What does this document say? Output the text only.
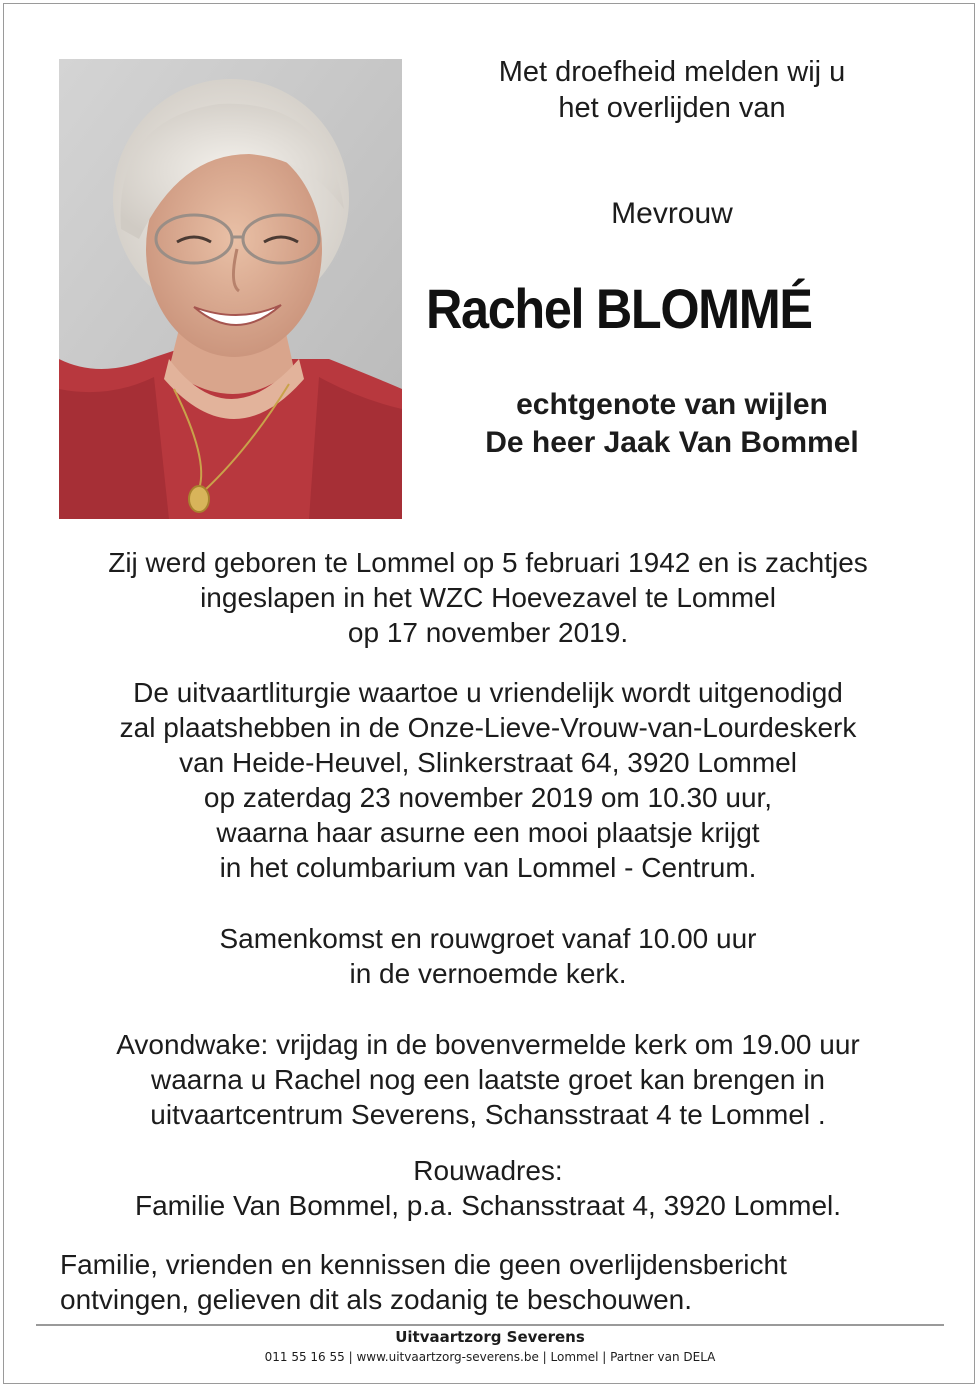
Met droefheid melden wij u
het overlijden van
Mevrouw
Rachel BLOMMÉ
echtgenote van wijlen
De heer Jaak Van Bommel
Zij werd geboren te Lommel op 5 februari 1942 en is zachtjes
ingeslapen in het WZC Hoevezavel te Lommel
op 17 november 2019.
De uitvaartliturgie waartoe u vriendelijk wordt uitgenodigd
zal plaatshebben in de Onze-Lieve-Vrouw-van-Lourdeskerk
van Heide-Heuvel, Slinkerstraat 64, 3920 Lommel
op zaterdag 23 november 2019 om 10.30 uur,
waarna haar asurne een mooi plaatsje krijgt
in het columbarium van Lommel - Centrum.
Samenkomst en rouwgroet vanaf 10.00 uur
in de vernoemde kerk.
Avondwake: vrijdag in de bovenvermelde kerk om 19.00 uur
waarna u Rachel nog een laatste groet kan brengen in
uitvaartcentrum Severens, Schansstraat 4 te Lommel .
Rouwadres:
Familie Van Bommel, p.a. Schansstraat 4, 3920 Lommel.
Familie, vrienden en kennissen die geen overlijdensbericht
ontvingen, gelieven dit als zodanig te beschouwen.
Uitvaartzorg Severens
011 55 16 55 | www.uitvaartzorg-severens.be | Lommel | Partner van DELA
